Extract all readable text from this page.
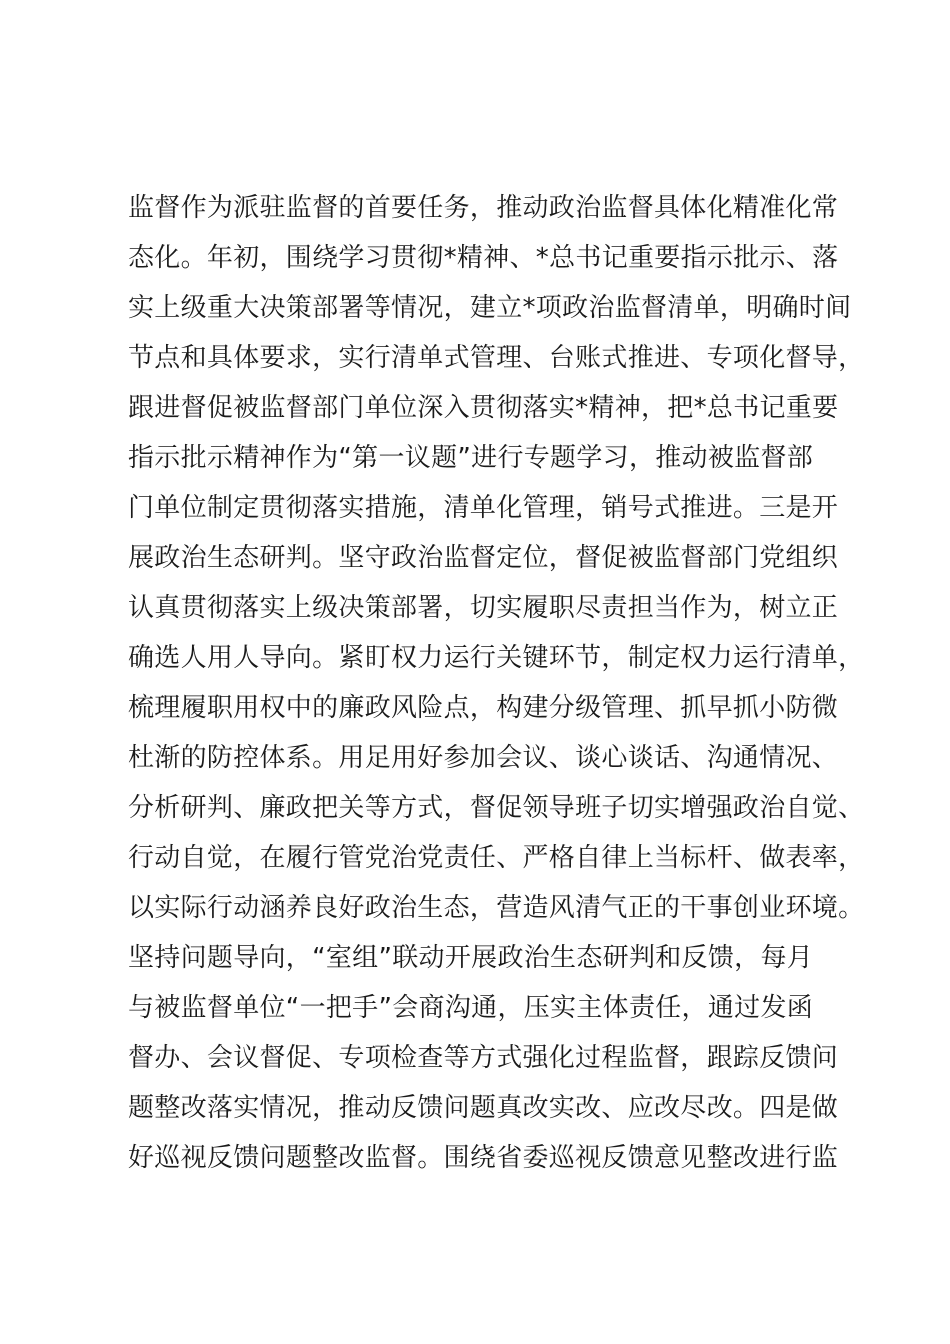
监督作为派驻监督的首要任务，推动政治监督具体化精准化常
态化。年初，围绕学习贯彻*精神、*总书记重要指示批示、落
实上级重大决策部署等情况，建立*项政治监督清单，明确时间
节点和具体要求，实行清单式管理、台账式推进、专项化督导，
跟进督促被监督部门单位深入贯彻落实*精神，把*总书记重要
指示批示精神作为“第一议题”进行专题学习，推动被监督部
门单位制定贯彻落实措施，清单化管理，销号式推进。三是开
展政治生态研判。坚守政治监督定位，督促被监督部门党组织
认真贯彻落实上级决策部署，切实履职尽责担当作为，树立正
确选人用人导向。紧盯权力运行关键环节，制定权力运行清单，
梳理履职用权中的廉政风险点，构建分级管理、抓早抓小防微
杜渐的防控体系。用足用好参加会议、谈心谈话、沟通情况、
分析研判、廉政把关等方式，督促领导班子切实增强政治自觉、
行动自觉，在履行管党治党责任、严格自律上当标杆、做表率，
以实际行动涵养良好政治生态，营造风清气正的干事创业环境。
坚持问题导向，“室组”联动开展政治生态研判和反馈，每月
与被监督单位“一把手”会商沟通，压实主体责任，通过发函
督办、会议督促、专项检查等方式强化过程监督，跟踪反馈问
题整改落实情况，推动反馈问题真改实改、应改尽改。四是做
好巡视反馈问题整改监督。围绕省委巡视反馈意见整改进行监
